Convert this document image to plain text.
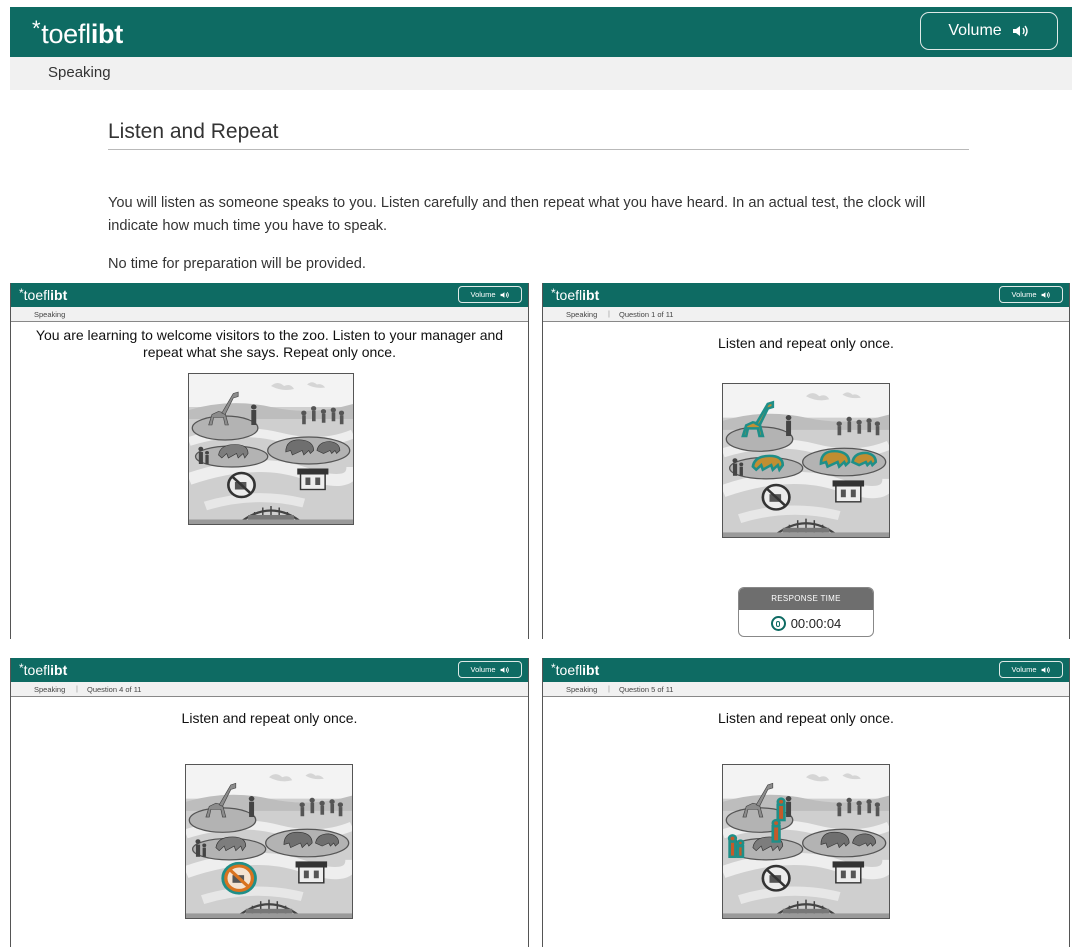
*toeflibt	Volume
Speaking
Listen and Repeat
You will listen as someone speaks to you. Listen carefully and then repeat what you have heard. In an actual test, the clock will indicate how much time you have to speak.
No time for preparation will be provided.
*toeflibt	Volume
Speaking
You are learning to welcome visitors to the zoo. Listen to your manager and repeat what she says. Repeat only once.
*toeflibt	Volume
Speaking | Question 1 of 11
Listen and repeat only once.
RESPONSE TIME
00:00:04
*toeflibt	Volume
Speaking | Question 4 of 11
Listen and repeat only once.
*toeflibt	Volume
Speaking | Question 5 of 11
Listen and repeat only once.
